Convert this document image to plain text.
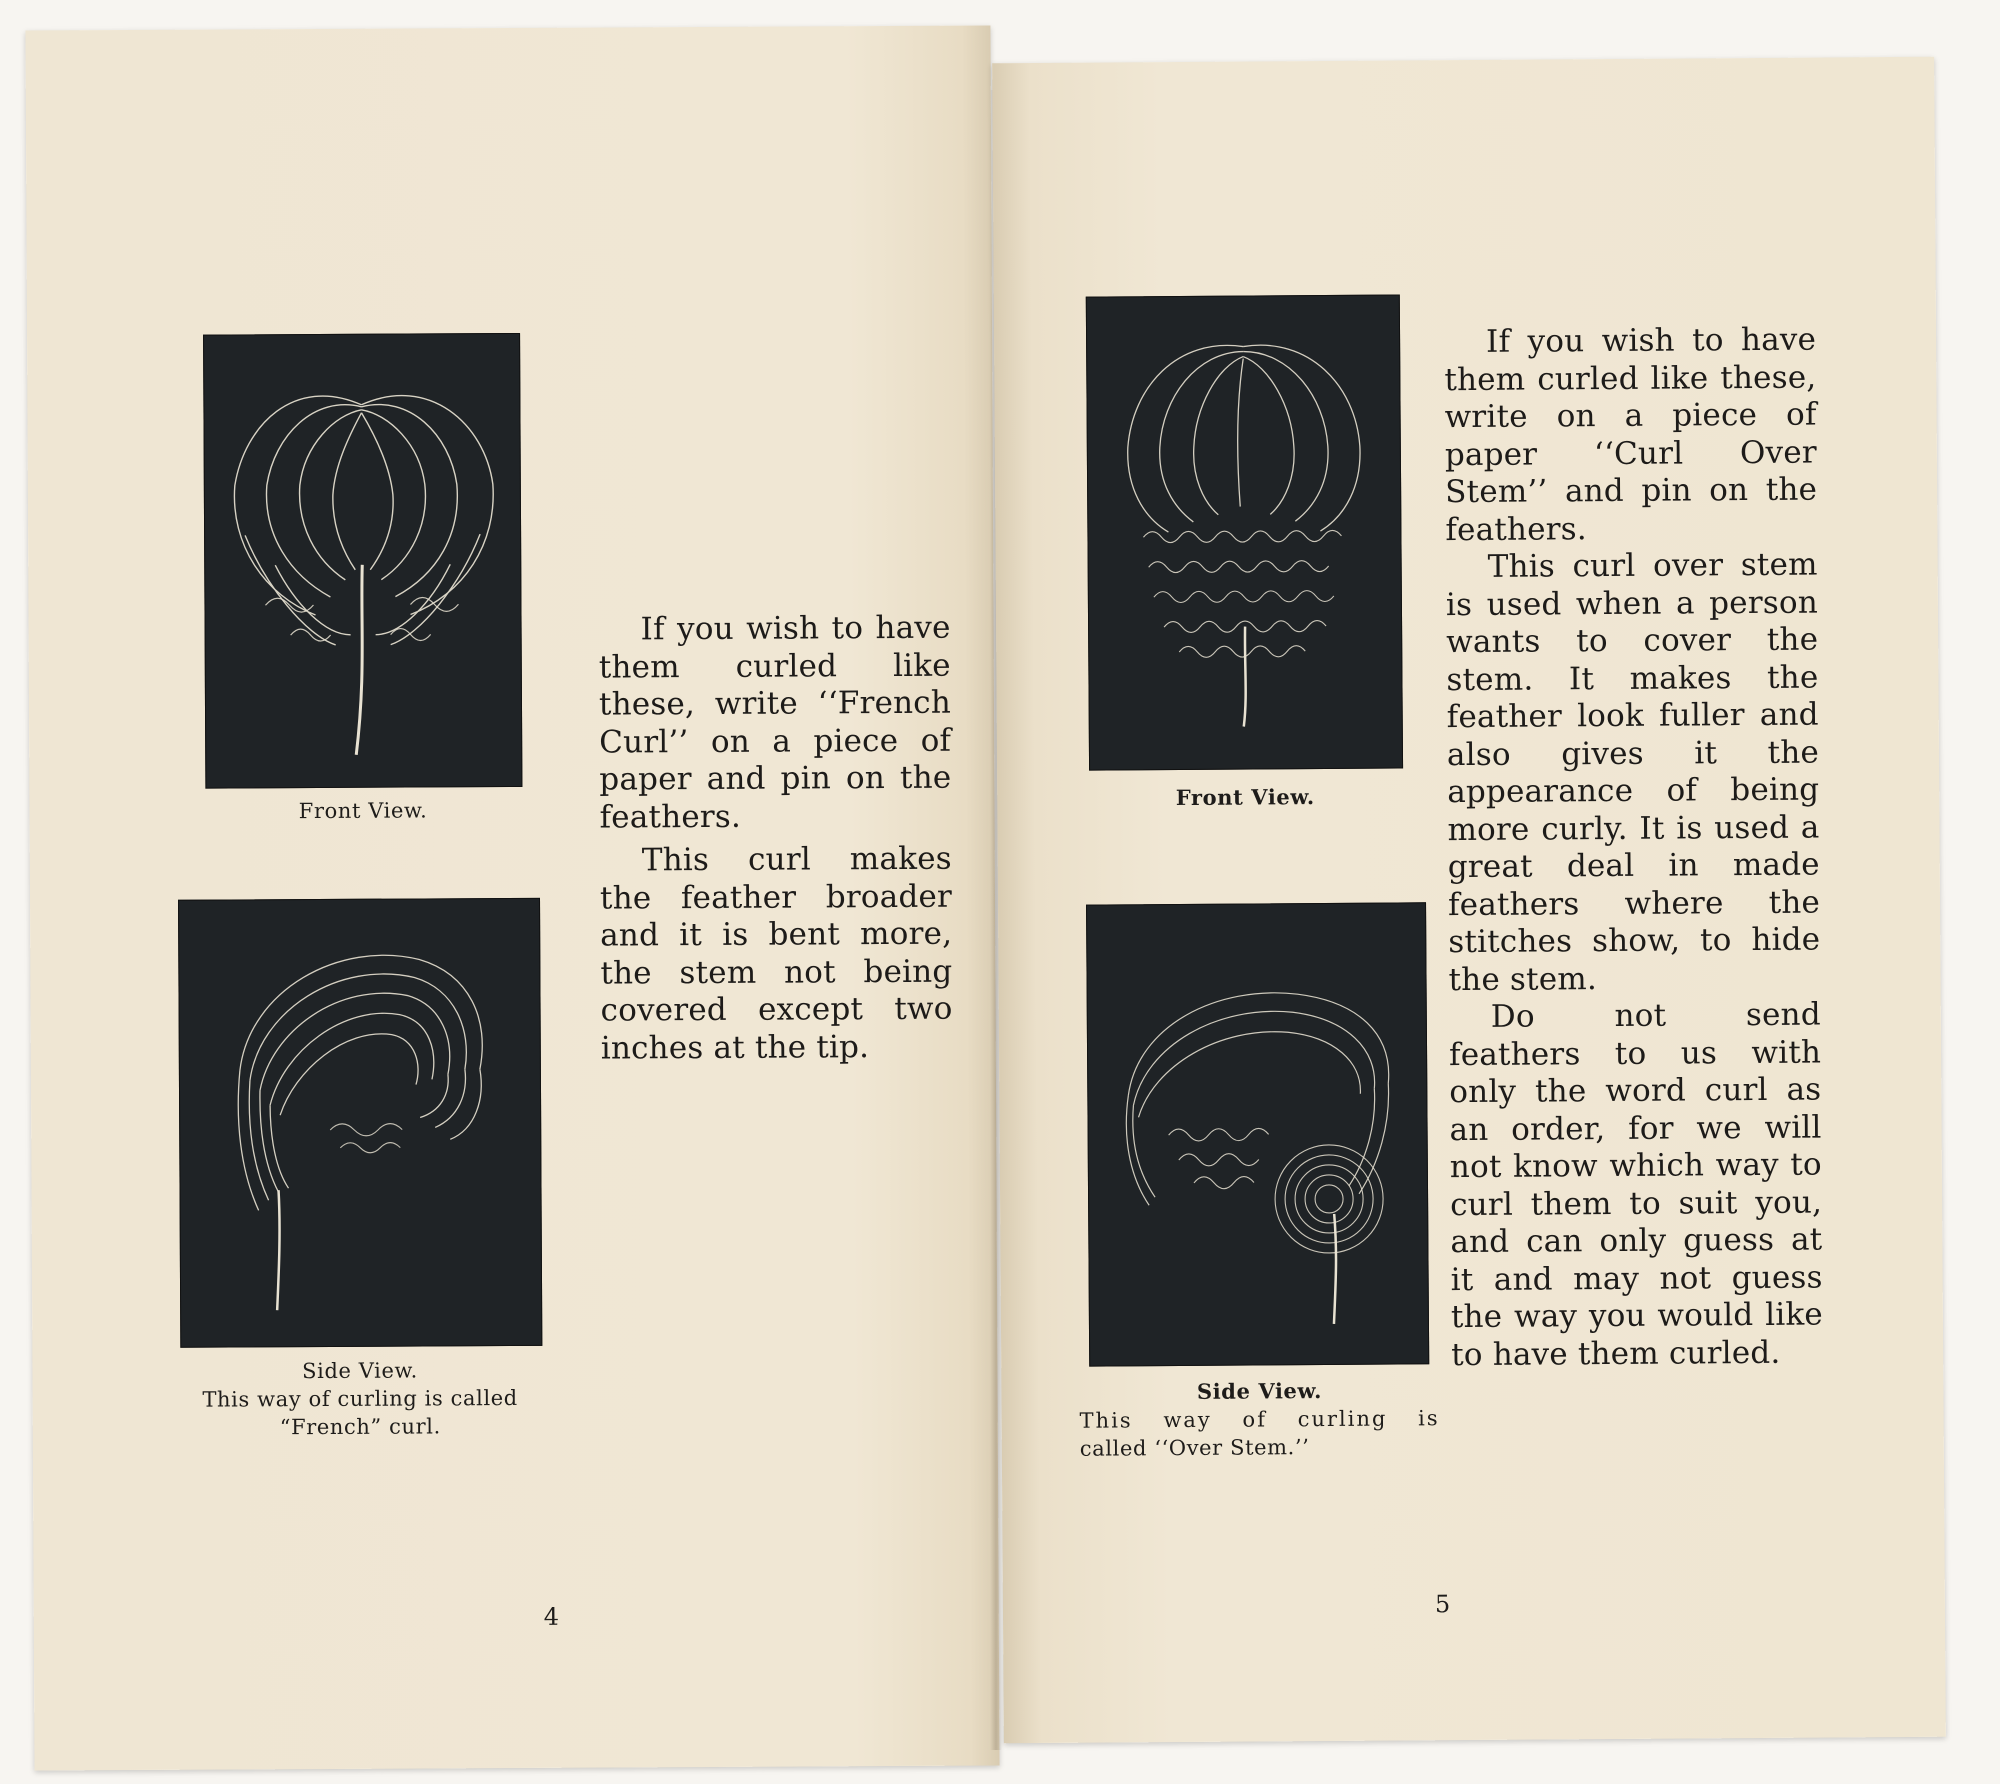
Front View.
Side View.
This way of curling is called
“French” curl.

If you wish to have them curled like these, write ‘‘French Curl’’ on a piece of paper and pin on the feathers.

This curl makes the feather broader and it is bent more, the stem not being covered except two inches at the tip.

4
Front View.
Side View.
This way of curling is
called ‘‘Over Stem.’’

If you wish to have them curled like these, write on a piece of paper ‘‘Curl Over Stem’’ and pin on the feathers.

This curl over stem is used when a person wants to cover the stem. It makes the feather look fuller and also gives it the appearance of being more curly. It is used a great deal in made feathers where the stitches show, to hide the stem.

Do not send feathers to us with only the word curl as an order, for we will not know which way to curl them to suit you, and can only guess at it and may not guess the way you would like to have them curled.

5
